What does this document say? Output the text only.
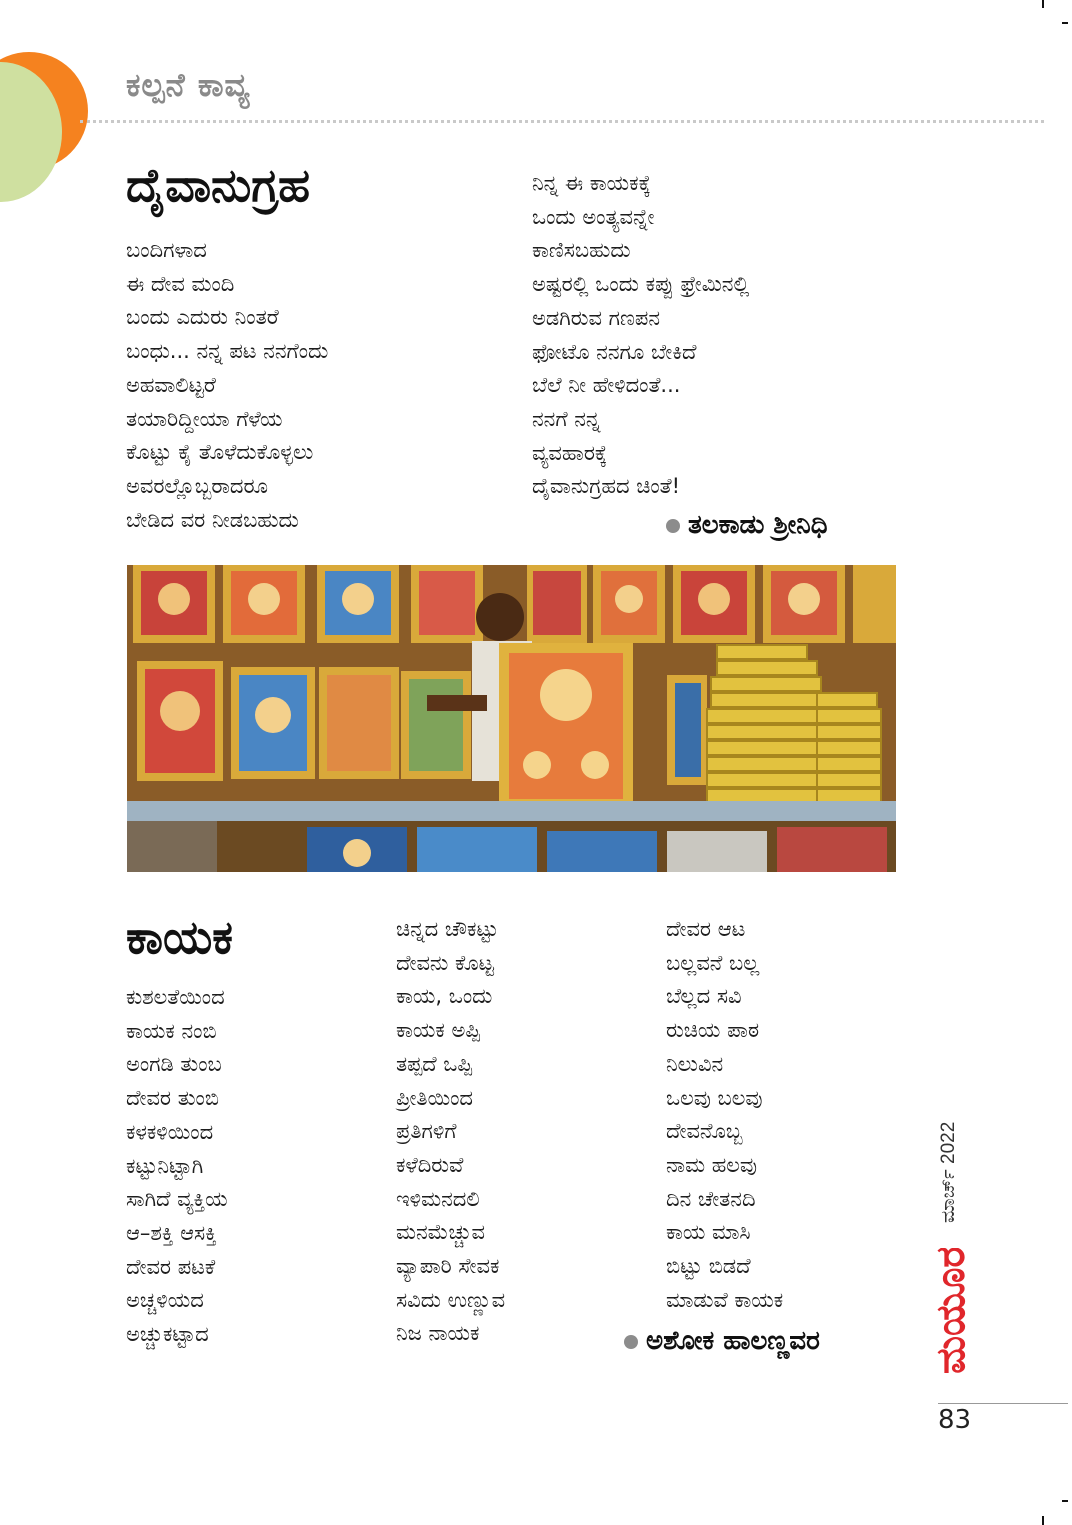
ಕಲ್ಪನೆ ಕಾವ್ಯ
ದೈವಾನುಗ್ರಹ
ಬಂದಿಗಳಾದ
ಈ ದೇವ ಮಂದಿ
ಬಂದು ಎದುರು ನಿಂತರೆ
ಬಂಧು... ನನ್ನ ಪಟ ನನಗೆಂದು
ಅಹವಾಲಿಟ್ಟರೆ
ತಯಾರಿದ್ದೀಯಾ ಗೆಳೆಯ
ಕೊಟ್ಟು ಕೈ ತೊಳೆದುಕೊಳ್ಳಲು
ಅವರಲ್ಲೊಬ್ಬರಾದರೂ
ಬೇಡಿದ ವರ ನೀಡಬಹುದು
ನಿನ್ನ ಈ ಕಾಯಕಕ್ಕೆ
ಒಂದು ಅಂತ್ಯವನ್ನೇ
ಕಾಣಿಸಬಹುದು
ಅಷ್ಟರಲ್ಲಿ ಒಂದು ಕಪ್ಪು ಫ್ರೇಮಿನಲ್ಲಿ
ಅಡಗಿರುವ ಗಣಪನ
ಫೋಟೊ ನನಗೂ ಬೇಕಿದೆ
ಬೆಲೆ ನೀ ಹೇಳಿದಂತೆ...
ನನಗೆ ನನ್ನ
ವ್ಯವಹಾರಕ್ಕೆ
ದೈವಾನುಗ್ರಹದ ಚಿಂತೆ!
ತಲಕಾಡು ಶ್ರೀನಿಧಿ
ಕಾಯಕ
ಕುಶಲತೆಯಿಂದ
ಕಾಯಕ ನಂಬಿ
ಅಂಗಡಿ ತುಂಬ
ದೇವರ ತುಂಬಿ
ಕಳಕಳಿಯಿಂದ
ಕಟ್ಟುನಿಟ್ಟಾಗಿ
ಸಾಗಿದೆ ವ್ಯಕ್ತಿಯ
ಆ–ಶಕ್ತಿ ಆಸಕ್ತಿ
ದೇವರ ಪಟಕೆ
ಅಚ್ಚಳಿಯದ
ಅಚ್ಚುಕಟ್ಟಾದ
ಚಿನ್ನದ ಚೌಕಟ್ಟು
ದೇವನು ಕೊಟ್ಟ
ಕಾಯ, ಒಂದು
ಕಾಯಕ ಅಪ್ಪಿ
ತಪ್ಪದೆ ಒಪ್ಪಿ
ಪ್ರೀತಿಯಿಂದ
ಪ್ರತಿಗಳಿಗೆ
ಕಳೆದಿರುವೆ
ಇಳಿಮನದಲಿ
ಮನಮೆಚ್ಚುವ
ವ್ಯಾಪಾರಿ ಸೇವಕ
ಸವಿದು ಉಣ್ಣುವ
ನಿಜ ನಾಯಕ
ದೇವರ ಆಟ
ಬಲ್ಲವನೆ ಬಲ್ಲ
ಬೆಲ್ಲದ ಸವಿ
ರುಚಿಯ ಪಾಠ
ನಿಲುವಿನ
ಒಲವು ಬಲವು
ದೇವನೊಬ್ಬ
ನಾಮ ಹಲವು
ದಿನ ಚೇತನದಿ
ಕಾಯ ಮಾಸಿ
ಬಿಟ್ಟು ಬಿಡದೆ
ಮಾಡುವೆ ಕಾಯಕ
ಅಶೋಕ ಹಾಲಣ್ಣವರ
ಮಾರ್ಚ್ 2022
ಮಯೂರ
83
